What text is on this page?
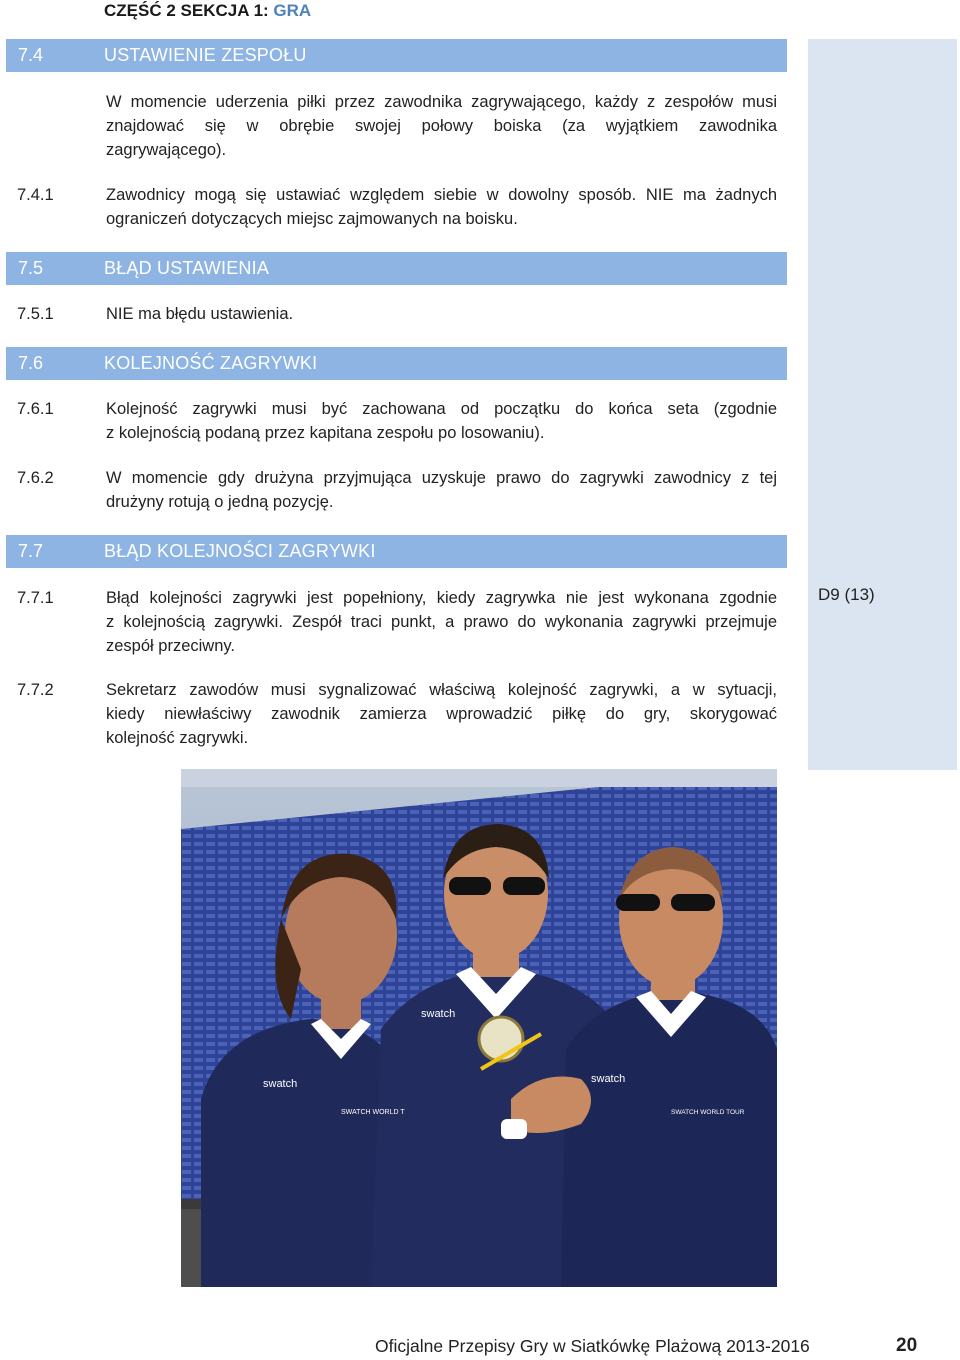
CZĘŚĆ 2 SEKCJA 1: GRA
D9 (13)
7.4	USTAWIENIE ZESPOŁU
W momencie uderzenia piłki przez zawodnika zagrywającego, każdy z zespołów musi
znajdować się w obrębie swojej połowy boiska (za wyjątkiem zawodnika
zagrywającego).
7.4.1	Zawodnicy mogą się ustawiać względem siebie w dowolny sposób. NIE ma żadnych
ograniczeń dotyczących miejsc zajmowanych na boisku.
7.5	BŁĄD USTAWIENIA
7.5.1	NIE ma błędu ustawienia.
7.6	KOLEJNOŚĆ ZAGRYWKI
7.6.1	Kolejność zagrywki musi być zachowana od początku do końca seta (zgodnie
z kolejnością podaną przez kapitana zespołu po losowaniu).
7.6.2	W momencie gdy drużyna przyjmująca uzyskuje prawo do zagrywki zawodnicy z tej
drużyny rotują o jedną pozycję.
7.7	BŁĄD KOLEJNOŚCI ZAGRYWKI
7.7.1	Błąd kolejności zagrywki jest popełniony, kiedy zagrywka nie jest wykonana zgodnie
z kolejnością zagrywki. Zespół traci punkt, a prawo do wykonania zagrywki przejmuje
zespół przeciwny.
7.7.2	Sekretarz zawodów musi sygnalizować właściwą kolejność zagrywki, a w sytuacji,
kiedy niewłaściwy zawodnik zamierza wprowadzić piłkę do gry, skorygować
kolejność zagrywki.
swatch
SWATCH WORLD T
swatch
SWATCH WORLD TOUR
swatch
Oficjalne Przepisy Gry w Siatkówkę Plażową 2013-2016	20
